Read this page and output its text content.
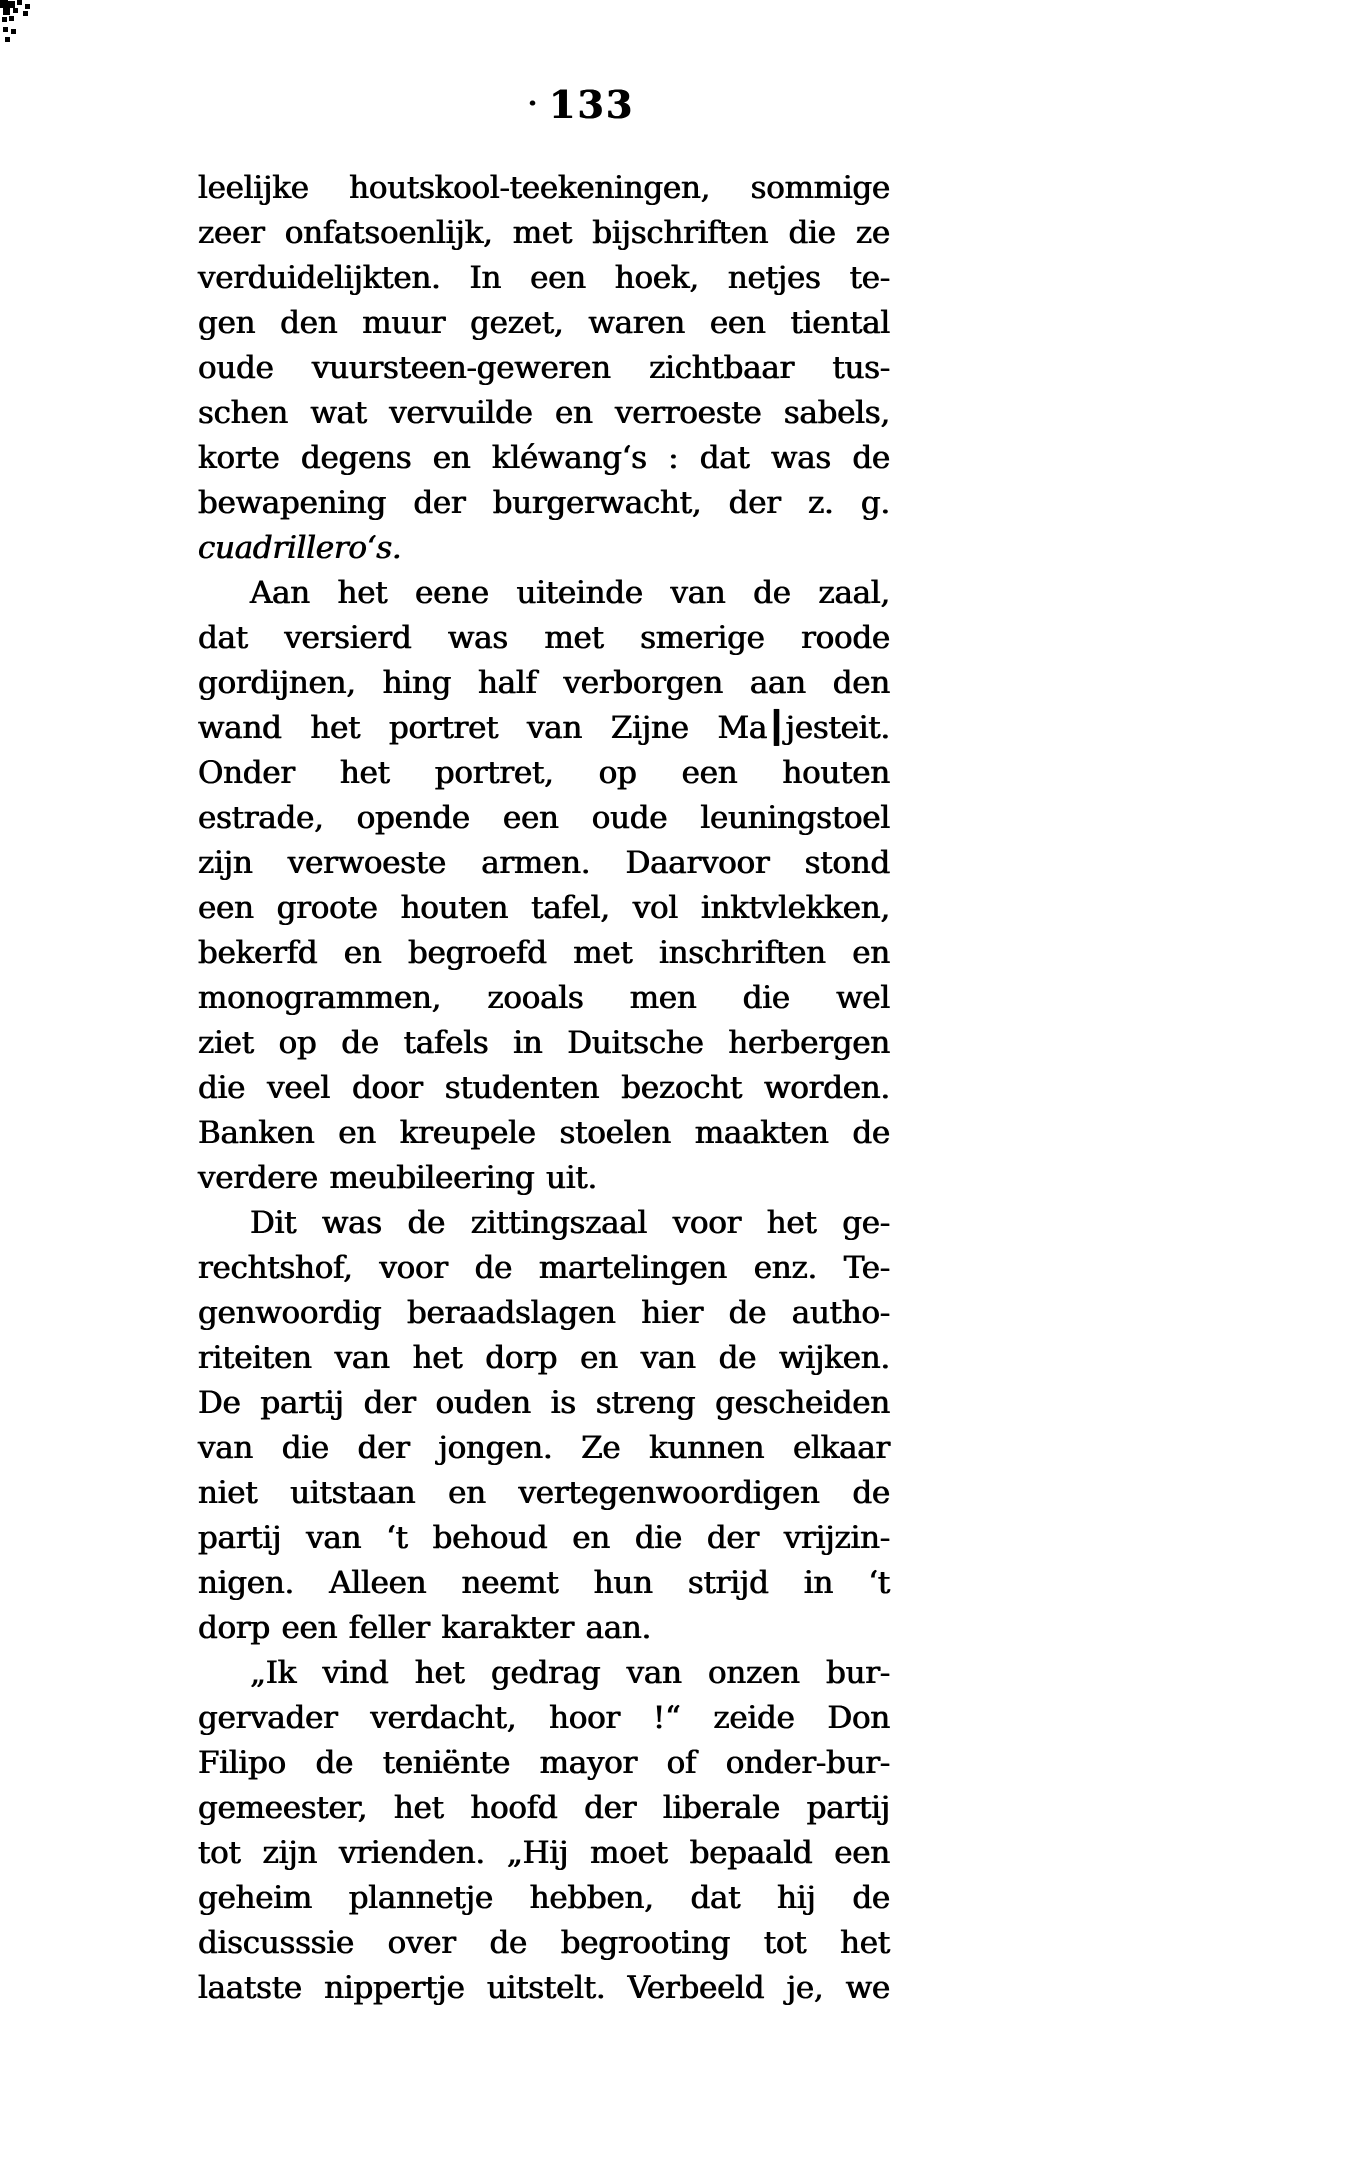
· 133
leelijke houtskool-teekeningen, sommige
zeer onfatsoenlijk, met bijschriften die ze
verduidelijkten. In een hoek, netjes te-
gen den muur gezet, waren een tiental
oude vuursteen-geweren zichtbaar tus-
schen wat vervuilde en verroeste sabels,
korte degens en kléwang‘s : dat was de
bewapening der burgerwacht, der z. g.
cuadrillero‘s.
Aan het eene uiteinde van de zaal,
dat versierd was met smerige roode
gordijnen, hing half verborgen aan den
wand het portret van Zijne Ma┃jesteit.
Onder het portret, op een houten
estrade, opende een oude leuningstoel
zijn verwoeste armen. Daarvoor stond
een groote houten tafel, vol inktvlekken,
bekerfd en begroefd met inschriften en
monogrammen, zooals men die wel
ziet op de tafels in Duitsche herbergen
die veel door studenten bezocht worden.
Banken en kreupele stoelen maakten de
verdere meubileering uit.
Dit was de zittingszaal voor het ge-
rechtshof, voor de martelingen enz. Te-
genwoordig beraadslagen hier de autho-
riteiten van het dorp en van de wijken.
De partij der ouden is streng gescheiden
van die der jongen. Ze kunnen elkaar
niet uitstaan en vertegenwoordigen de
partij van ‘t behoud en die der vrijzin-
nigen. Alleen neemt hun strijd in ‘t
dorp een feller karakter aan.
„Ik vind het gedrag van onzen bur-
gervader verdacht, hoor !“ zeide Don
Filipo de teniënte mayor of onder-bur-
gemeester, het hoofd der liberale partij
tot zijn vrienden. „Hij moet bepaald een
geheim plannetje hebben, dat hij de
discusssie over de begrooting tot het
laatste nippertje uitstelt. Verbeeld je, we
